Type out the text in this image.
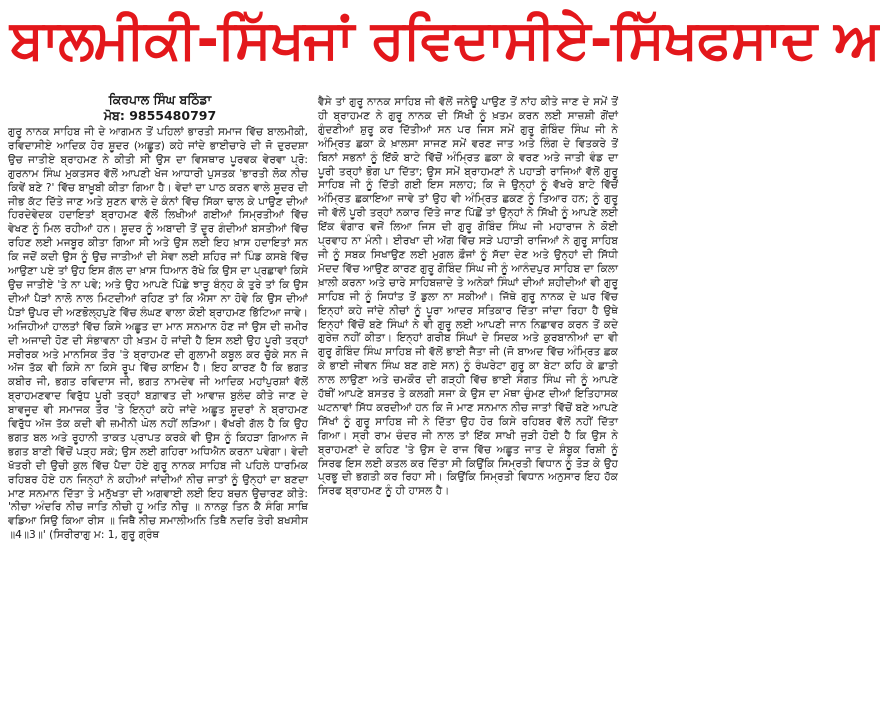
ਬਾਲਮੀਕੀ-ਸਿੱਖਜਾਂ ਰਵਿਦਾਸੀਏ-ਸਿੱਖਫਸਾਦ ਅ
ਕਿਰਪਾਲ ਸਿੰਘ ਬਠਿੰਡਾ
ਮੋਬ: 9855480797

ਗੁਰੂ ਨਾਨਕ ਸਾਹਿਬ ਜੀ ਦੇ ਆਗਮਨ ਤੋਂ ਪਹਿਲਾਂ ਭਾਰਤੀ ਸਮਾਜ ਵਿੱਚ ਬਾਲਮੀਕੀ, ਰਵਿਦਾਸੀਏ ਆਦਿਕ ਹੋਰ ਸ਼ੂਦਰ (ਅਛੂਤ) ਕਹੇ ਜਾਂਦੇ ਭਾਈਚਾਰੇ ਦੀ ਜੋ ਦੁਰਦਸ਼ਾ ਉਚ ਜਾਤੀਏ ਬ੍ਰਾਹਮਣ ਨੇ ਕੀਤੀ ਸੀ ਉਸ ਦਾ ਵਿਸਥਾਰ ਪੂਰਵਕ ਵੇਰਵਾ ਪ੍ਰੋ: ਗੁਰਨਾਮ ਸਿੰਘ ਮੁਕਤਸਰ ਵੱਲੋਂ ਆਪਣੀ ਖੋਜ ਆਧਾਰੀ ਪੁਸਤਕ 'ਭਾਰਤੀ ਲੋਕ ਨੀਚ ਕਿਵੇਂ ਬਣੇ ?' ਵਿੱਚ ਬਾਖ਼ੂਬੀ ਕੀਤਾ ਗਿਆ ਹੈ। ਵੇਦਾਂ ਦਾ ਪਾਠ ਕਰਨ ਵਾਲੇ ਸ਼ੂਦਰ ਦੀ ਜੀਭ ਕੱਟ ਦਿੱਤੇ ਜਾਣ ਅਤੇ ਸੁਣਨ ਵਾਲੇ ਦੇ ਕੰਨਾਂ ਵਿੱਚ ਸਿੱਕਾ ਢਾਲ ਕੇ ਪਾਉਣ ਦੀਆਂ ਹਿਰਦੇਵੇਦਕ ਹਦਾਇਤਾਂ ਬ੍ਰਾਹਮਣ ਵੱਲੋਂ ਲਿਖੀਆਂ ਗਈਆਂ ਸਿਮ੍ਰਤੀਆਂ ਵਿੱਚ ਵੇਖਣ ਨੂੰ ਮਿਲ ਰਹੀਆਂ ਹਨ। ਸ਼ੂਦਰ ਨੂੰ ਅਬਾਦੀ ਤੋਂ ਦੂਰ ਗੰਦੀਆਂ ਬਸਤੀਆਂ ਵਿੱਚ ਰਹਿਣ ਲਈ ਮਜਬੂਰ ਕੀਤਾ ਗਿਆ ਸੀ ਅਤੇ ਉਸ ਲਈ ਇਹ ਖ਼ਾਸ ਹਦਾਇਤਾਂ ਸਨ ਕਿ ਜਦੋਂ ਕਦੀ ਉਸ ਨੂੰ ਉਚ ਜਾਤੀਆਂ ਦੀ ਸੇਵਾ ਲਈ ਸ਼ਹਿਰ ਜਾਂ ਪਿੰਡ ਕਸਬੇ ਵਿੱਚ ਆਉਣਾ ਪਏ ਤਾਂ ਉਹ ਇਸ ਗੱਲ ਦਾ ਖ਼ਾਸ ਧਿਆਨ ਰੱਖੇ ਕਿ ਉਸ ਦਾ ਪ੍ਰਛਾਵਾਂ ਕਿਸੇ ਉਚ ਜਾਤੀਏ 'ਤੇ ਨਾ ਪਵੇ; ਅਤੇ ਉਹ ਆਪਣੇ ਪਿੱਛੇ ਝਾੜੂ ਬੰਨ੍ਹ ਕੇ ਤੁਰੇ ਤਾਂ ਕਿ ਉਸ ਦੀਆਂ ਪੈੜਾਂ ਨਾਲੋ ਨਾਲ ਮਿਟਦੀਆਂ ਰਹਿਣ ਤਾਂ ਕਿ ਐਸਾ ਨਾ ਹੋਵੇ ਕਿ ਉਸ ਦੀਆਂ ਪੈੜਾਂ ਉਪਰ ਦੀ ਅਣਭੋਲ੍ਹਪੁਣੇ ਵਿੱਚ ਲੰਘਣ ਵਾਲਾ ਕੋਈ ਬ੍ਰਾਹਮਣ ਭਿੱਟਿਆ ਜਾਵੇ। ਅਜਿਹੀਆਂ ਹਾਲਤਾਂ ਵਿੱਚ ਕਿਸੇ ਅਛੂਤ ਦਾ ਮਾਨ ਸਨਮਾਨ ਹੋਣ ਜਾਂ ਉਸ ਦੀ ਜ਼ਮੀਰ ਦੀ ਅਜਾਦੀ ਹੋਣ ਦੀ ਸੰਭਾਵਨਾ ਹੀ ਖ਼ਤਮ ਹੋ ਜਾਂਦੀ ਹੈ ਇਸ ਲਈ ਉਹ ਪੂਰੀ ਤਰ੍ਹਾਂ ਸਰੀਰਕ ਅਤੇ ਮਾਨਸਿਕ ਤੌਰ 'ਤੇ ਬ੍ਰਾਹਮਣ ਦੀ ਗੁਲਾਮੀ ਕਬੂਲ ਕਰ ਚੁੱਕੇ ਸਨ ਜੋ ਅੱਜ ਤੱਕ ਵੀ ਕਿਸੇ ਨਾ ਕਿਸੇ ਰੂਪ ਵਿੱਚ ਕਾਇਮ ਹੈ। ਇਹ ਕਾਰਣ ਹੈ ਕਿ ਭਗਤ ਕਬੀਰ ਜੀ, ਭਗਤ ਰਵਿਦਾਸ ਜੀ, ਭਗਤ ਨਾਮਦੇਵ ਜੀ ਆਦਿਕ ਮਹਾਂਪੁਰਸ਼ਾਂ ਵੱਲੋਂ ਬ੍ਰਾਹਮਣਵਾਦ ਵਿਰੁੱਧ ਪੂਰੀ ਤਰ੍ਹਾਂ ਬਗ਼ਾਵਤ ਦੀ ਆਵਾਜ਼ ਬੁਲੰਦ ਕੀਤੇ ਜਾਣ ਦੇ ਬਾਵਜੂਦ ਵੀ ਸਮਾਜਕ ਤੌਰ 'ਤੇ ਇਨ੍ਹਾਂ ਕਹੇ ਜਾਂਦੇ ਅਛੂਤ ਸ਼ੂਦਰਾਂ ਨੇ ਬ੍ਰਾਹਮਣ ਵਿਰੁੱਧ ਅੱਜ ਤੱਕ ਕਦੀ ਵੀ ਜ਼ਮੀਨੀ ਘੋਲ ਨਹੀਂ ਲੜਿਆ। ਵੱਖਰੀ ਗੱਲ ਹੈ ਕਿ ਉਹ ਭਗਤ ਬਲ ਅਤੇ ਰੂਹਾਨੀ ਤਾਕਤ ਪ੍ਰਾਪਤ ਕਰਕੇ ਵੀ ਉਸ ਨੂੰ ਕਿਹੜਾ ਗਿਆਨ ਜੋ ਭਗਤ ਬਾਣੀ ਵਿੱਚੋਂ ਪੜ੍ਹ ਸਕੇ; ਉਸ ਲਈ ਗਹਿਰਾ ਅਧਿਐਨ ਕਰਨਾ ਪਵੇਗਾ। ਵੇਦੀ ਖੱਤਰੀ ਦੀ ਉਚੀ ਕੁਲ ਵਿੱਚ ਪੈਦਾ ਹੋਏ ਗੁਰੂ ਨਾਨਕ ਸਾਹਿਬ ਜੀ ਪਹਿਲੇ ਧਾਰਮਿਕ ਰਹਿਬਰ ਹੋਏ ਹਨ ਜਿਨ੍ਹਾਂ ਨੇ ਕਹੀਆਂ ਜਾਂਦੀਆਂ ਨੀਚ ਜਾਤਾਂ ਨੂੰ ਉਨ੍ਹਾਂ ਦਾ ਬਣਦਾ ਮਾਣ ਸਨਮਾਨ ਦਿੱਤਾ ਤੇ ਮਨੁੱਖਤਾ ਦੀ ਅਗਵਾਈ ਲਈ ਇਹ ਬਚਨ ਉਚਾਰਣ ਕੀਤੇ: 'ਨੀਚਾ ਅੰਦਰਿ ਨੀਚ ਜਾਤਿ ਨੀਚੀ ਹੂ ਅਤਿ ਨੀਚੁ ॥ ਨਾਨਕੁ ਤਿਨ ਕੈ ਸੰਗਿ ਸਾਥਿ ਵਡਿਆ ਸਿਉ ਕਿਆ ਰੀਸ ॥ ਜਿਥੈ ਨੀਚ ਸਮਾਲੀਅਨਿ ਤਿਥੈ ਨਦਰਿ ਤੇਰੀ ਬਖਸੀਸ ॥4॥3॥' (ਸਿਰੀਰਾਗੁ ਮ: 1, ਗੁਰੂ ਗ੍ਰੰਥ

ਵੈਸੇ ਤਾਂ ਗੁਰੂ ਨਾਨਕ ਸਾਹਿਬ ਜੀ ਵੱਲੋਂ ਜਨੇਊ ਪਾਉਣ ਤੋਂ ਨਾਂਹ ਕੀਤੇ ਜਾਣ ਦੇ ਸਮੇਂ ਤੋਂ ਹੀ ਬ੍ਰਾਹਮਣ ਨੇ ਗੁਰੂ ਨਾਨਕ ਦੀ ਸਿੱਖੀ ਨੂੰ ਖ਼ਤਮ ਕਰਨ ਲਈ ਸਾਜ਼ਸ਼ੀ ਗੋਂਦਾਂ ਗੁੰਦਣੀਆਂ ਸ਼ੁਰੂ ਕਰ ਦਿੱਤੀਆਂ ਸਨ ਪਰ ਜਿਸ ਸਮੇਂ ਗੁਰੂ ਗੋਬਿੰਦ ਸਿੰਘ ਜੀ ਨੇ ਅੰਮ੍ਰਿਤ ਛਕਾ ਕੇ ਖ਼ਾਲਸਾ ਸਾਜਣ ਸਮੇਂ ਵਰਣ ਜਾਤ ਅਤੇ ਲਿੰਗ ਦੇ ਵਿਤਕਰੇ ਤੋਂ ਬਿਨਾਂ ਸਭਨਾਂ ਨੂੰ ਇੱਕੋ ਬਾਟੇ ਵਿੱਚੋਂ ਅੰਮ੍ਰਿਤ ਛਕਾ ਕੇ ਵਰਣ ਅਤੇ ਜਾਤੀ ਵੰਡ ਦਾ ਪੂਰੀ ਤਰ੍ਹਾਂ ਭੋਗ ਪਾ ਦਿੱਤਾ; ਉਸ ਸਮੇਂ ਬ੍ਰਾਹਮਣਾਂ ਨੇ ਪਹਾੜੀ ਰਾਜਿਆਂ ਵੱਲੋਂ ਗੁਰੂ ਸਾਹਿਬ ਜੀ ਨੂੰ ਦਿੱਤੀ ਗਈ ਇਸ ਸਲਾਹ; ਕਿ ਜੇ ਉਨ੍ਹਾਂ ਨੂੰ ਵੱਖਰੇ ਬਾਟੇ ਵਿੱਚੋਂ ਅੰਮ੍ਰਿਤ ਛਕਾਇਆ ਜਾਵੇ ਤਾਂ ਉਹ ਵੀ ਅੰਮ੍ਰਿਤ ਛਕਣ ਨੂੰ ਤਿਆਰ ਹਨ; ਨੂੰ ਗੁਰੂ ਜੀ ਵੱਲੋਂ ਪੂਰੀ ਤਰ੍ਹਾਂ ਨਕਾਰ ਦਿੱਤੇ ਜਾਣ ਪਿੱਛੋਂ ਤਾਂ ਉਨ੍ਹਾਂ ਨੇ ਸਿੱਖੀ ਨੂੰ ਆਪਣੇ ਲਈ ਇੱਕ ਵੰਗਾਰ ਵਜੋਂ ਲਿਆ ਜਿਸ ਦੀ ਗੁਰੂ ਗੋਬਿੰਦ ਸਿੰਘ ਜੀ ਮਹਾਰਾਜ ਨੇ ਕੋਈ ਪ੍ਰਵਾਹ ਨਾ ਮੰਨੀ। ਈਰਖਾ ਦੀ ਅੱਗ ਵਿੱਚ ਸੜੇ ਪਹਾੜੀ ਰਾਜਿਆਂ ਨੇ ਗੁਰੂ ਸਾਹਿਬ ਜੀ ਨੂੰ ਸਬਕ ਸਿਖਾਉਣ ਲਈ ਮੁਗਲ ਫ਼ੌਜਾਂ ਨੂੰ ਸੱਦਾ ਦੇਣ ਅਤੇ ਉਨ੍ਹਾਂ ਦੀ ਸਿੱਧੀ ਮੱਦਦ ਵਿੱਚ ਆਉਣ ਕਾਰਣ ਗੁਰੂ ਗੋਬਿੰਦ ਸਿੰਘ ਜੀ ਨੂੰ ਆਨੰਦਪੁਰ ਸਾਹਿਬ ਦਾ ਕਿਲਾ ਖ਼ਾਲੀ ਕਰਨਾ ਅਤੇ ਚਾਰੇ ਸਾਹਿਬਜ਼ਾਦੇ ਤੇ ਅਨੇਕਾਂ ਸਿੰਘਾਂ ਦੀਆਂ ਸ਼ਹੀਦੀਆਂ ਵੀ ਗੁਰੂ ਸਾਹਿਬ ਜੀ ਨੂੰ ਸਿਧਾਂਤ ਤੋਂ ਡੁਲਾ ਨਾ ਸਕੀਆਂ। ਜਿੱਥੇ ਗੁਰੂ ਨਾਨਕ ਦੇ ਘਰ ਵਿੱਚ ਇਨ੍ਹਾਂ ਕਹੇ ਜਾਂਦੇ ਨੀਚਾਂ ਨੂੰ ਪੂਰਾ ਆਦਰ ਸਤਿਕਾਰ ਦਿੱਤਾ ਜਾਂਦਾ ਰਿਹਾ ਹੈ ਉਥੇ ਇਨ੍ਹਾਂ ਵਿੱਚੋਂ ਬਣੇ ਸਿੰਘਾਂ ਨੇ ਵੀ ਗੁਰੂ ਲਈ ਆਪਣੀ ਜਾਨ ਨਿਛਾਵਰ ਕਰਨ ਤੋਂ ਕਦੇ ਗੁਰੇਜ਼ ਨਹੀਂ ਕੀਤਾ। ਇਨ੍ਹਾਂ ਗਰੀਬ ਸਿੰਘਾਂ ਦੇ ਸਿਦਕ ਅਤੇ ਕੁਰਬਾਨੀਆਂ ਦਾ ਵੀ ਗੁਰੂ ਗੋਬਿੰਦ ਸਿੰਘ ਸਾਹਿਬ ਜੀ ਵੱਲੋਂ ਭਾਈ ਜੈਤਾ ਜੀ (ਜੋ ਬਾਅਦ ਵਿੱਚ ਅੰਮ੍ਰਿਤ ਛਕ ਕੇ ਭਾਈ ਜੀਵਨ ਸਿੰਘ ਬਣ ਗਏ ਸਨ) ਨੂੰ ਰੰਘਰੇਟਾ ਗੁਰੂ ਕਾ ਬੇਟਾ ਕਹਿ ਕੇ ਛਾਤੀ ਨਾਲ ਲਾਉਣਾ ਅਤੇ ਚਮਕੌਰ ਦੀ ਗੜ੍ਹੀ ਵਿੱਚ ਭਾਈ ਸੰਗਤ ਸਿੰਘ ਜੀ ਨੂੰ ਆਪਣੇ ਹੱਥੀਂ ਆਪਣੇ ਬਸਤਰ ਤੇ ਕਲਗੀ ਸਜਾ ਕੇ ਉਸ ਦਾ ਮੱਥਾ ਚੁੰਮਣ ਦੀਆਂ ਇਤਿਹਾਸਕ ਘਟਨਾਵਾਂ ਸਿੱਧ ਕਰਦੀਆਂ ਹਨ ਕਿ ਜੋ ਮਾਣ ਸਨਮਾਨ ਨੀਚ ਜਾਤਾਂ ਵਿੱਚੋਂ ਬਣੇ ਆਪਣੇ ਸਿੱਖਾਂ ਨੂੰ ਗੁਰੂ ਸਾਹਿਬ ਜੀ ਨੇ ਦਿੱਤਾ ਉਹ ਹੋਰ ਕਿਸੇ ਰਹਿਬਰ ਵੱਲੋਂ ਨਹੀਂ ਦਿੱਤਾ ਗਿਆ। ਸ੍ਰੀ ਰਾਮ ਚੰਦਰ ਜੀ ਨਾਲ ਤਾਂ ਇੱਕ ਸਾਖੀ ਜੁੜੀ ਹੋਈ ਹੈ ਕਿ ਉਸ ਨੇ ਬ੍ਰਾਹਮਣਾਂ ਦੇ ਕਹਿਣ 'ਤੇ ਉਸ ਦੇ ਰਾਜ ਵਿੱਚ ਅਛੂਤ ਜਾਤ ਦੇ ਸ਼ੰਬੂਕ ਰਿਸ਼ੀ ਨੂੰ ਸਿਰਫ ਇਸ ਲਈ ਕਤਲ ਕਰ ਦਿੱਤਾ ਸੀ ਕਿਉਂਕਿ ਸਿਮ੍ਰਤੀ ਵਿਧਾਨ ਨੂੰ ਤੋੜ ਕੇ ਉਹ ਪ੍ਰਭੂ ਦੀ ਭਗਤੀ ਕਰ ਰਿਹਾ ਸੀ। ਕਿਉਂਕਿ ਸਿਮ੍ਰਤੀ ਵਿਧਾਨ ਅਨੁਸਾਰ ਇਹ ਹੱਕ ਸਿਰਫ ਬ੍ਰਾਹਮਣ ਨੂੰ ਹੀ ਹਾਸਲ ਹੈ।
